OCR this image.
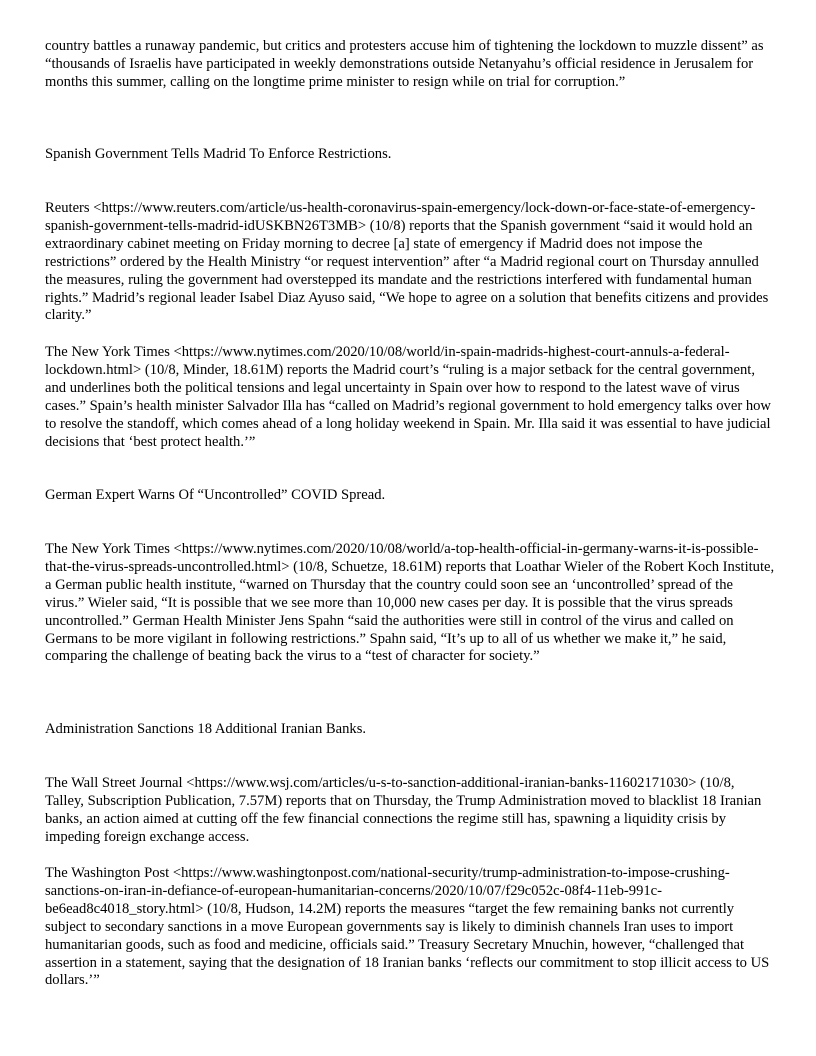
country battles a runaway pandemic, but critics and protesters accuse him of tightening the lockdown to muzzle dissent” as “thousands of Israelis have participated in weekly demonstrations outside Netanyahu’s official residence in Jerusalem for months this summer, calling on the longtime prime minister to resign while on trial for corruption.”

Spanish Government Tells Madrid To Enforce Restrictions.

Reuters <https://www.reuters.com/article/us-health-coronavirus-spain-emergency/lock-down-or-face-state-of-emergency-spanish-government-tells-madrid-idUSKBN26T3MB> (10/8) reports that the Spanish government “said it would hold an extraordinary cabinet meeting on Friday morning to decree [a] state of emergency if Madrid does not impose the restrictions” ordered by the Health Ministry “or request intervention” after “a Madrid regional court on Thursday annulled the measures, ruling the government had overstepped its mandate and the restrictions interfered with fundamental human rights.” Madrid’s regional leader Isabel Diaz Ayuso said, “We hope to agree on a solution that benefits citizens and provides clarity.”

The New York Times <https://www.nytimes.com/2020/10/08/world/in-spain-madrids-highest-court-annuls-a-federal-lockdown.html> (10/8, Minder, 18.61M) reports the Madrid court’s “ruling is a major setback for the central government, and underlines both the political tensions and legal uncertainty in Spain over how to respond to the latest wave of virus cases.” Spain’s health minister Salvador Illa has “called on Madrid’s regional government to hold emergency talks over how to resolve the standoff, which comes ahead of a long holiday weekend in Spain. Mr. Illa said it was essential to have judicial decisions that ‘best protect health.’”

German Expert Warns Of “Uncontrolled” COVID Spread.

The New York Times <https://www.nytimes.com/2020/10/08/world/a-top-health-official-in-germany-warns-it-is-possible-that-the-virus-spreads-uncontrolled.html> (10/8, Schuetze, 18.61M) reports that Loathar Wieler of the Robert Koch Institute, a German public health institute, “warned on Thursday that the country could soon see an ‘uncontrolled’ spread of the virus.” Wieler said, “It is possible that we see more than 10,000 new cases per day. It is possible that the virus spreads uncontrolled.” German Health Minister Jens Spahn “said the authorities were still in control of the virus and called on Germans to be more vigilant in following restrictions.” Spahn said, “It’s up to all of us whether we make it,” he said, comparing the challenge of beating back the virus to a “test of character for society.”

Administration Sanctions 18 Additional Iranian Banks.

The Wall Street Journal <https://www.wsj.com/articles/u-s-to-sanction-additional-iranian-banks-11602171030> (10/8, Talley, Subscription Publication, 7.57M) reports that on Thursday, the Trump Administration moved to blacklist 18 Iranian banks, an action aimed at cutting off the few financial connections the regime still has, spawning a liquidity crisis by impeding foreign exchange access.

The Washington Post <https://www.washingtonpost.com/national-security/trump-administration-to-impose-crushing-sanctions-on-iran-in-defiance-of-european-humanitarian-concerns/2020/10/07/f29c052c-08f4-11eb-991c-be6ead8c4018_story.html> (10/8, Hudson, 14.2M) reports the measures “target the few remaining banks not currently subject to secondary sanctions in a move European governments say is likely to diminish channels Iran uses to import humanitarian goods, such as food and medicine, officials said.” Treasury Secretary Mnuchin, however, “challenged that assertion in a statement, saying that the designation of 18 Iranian banks ‘reflects our commitment to stop illicit access to US dollars.’”
